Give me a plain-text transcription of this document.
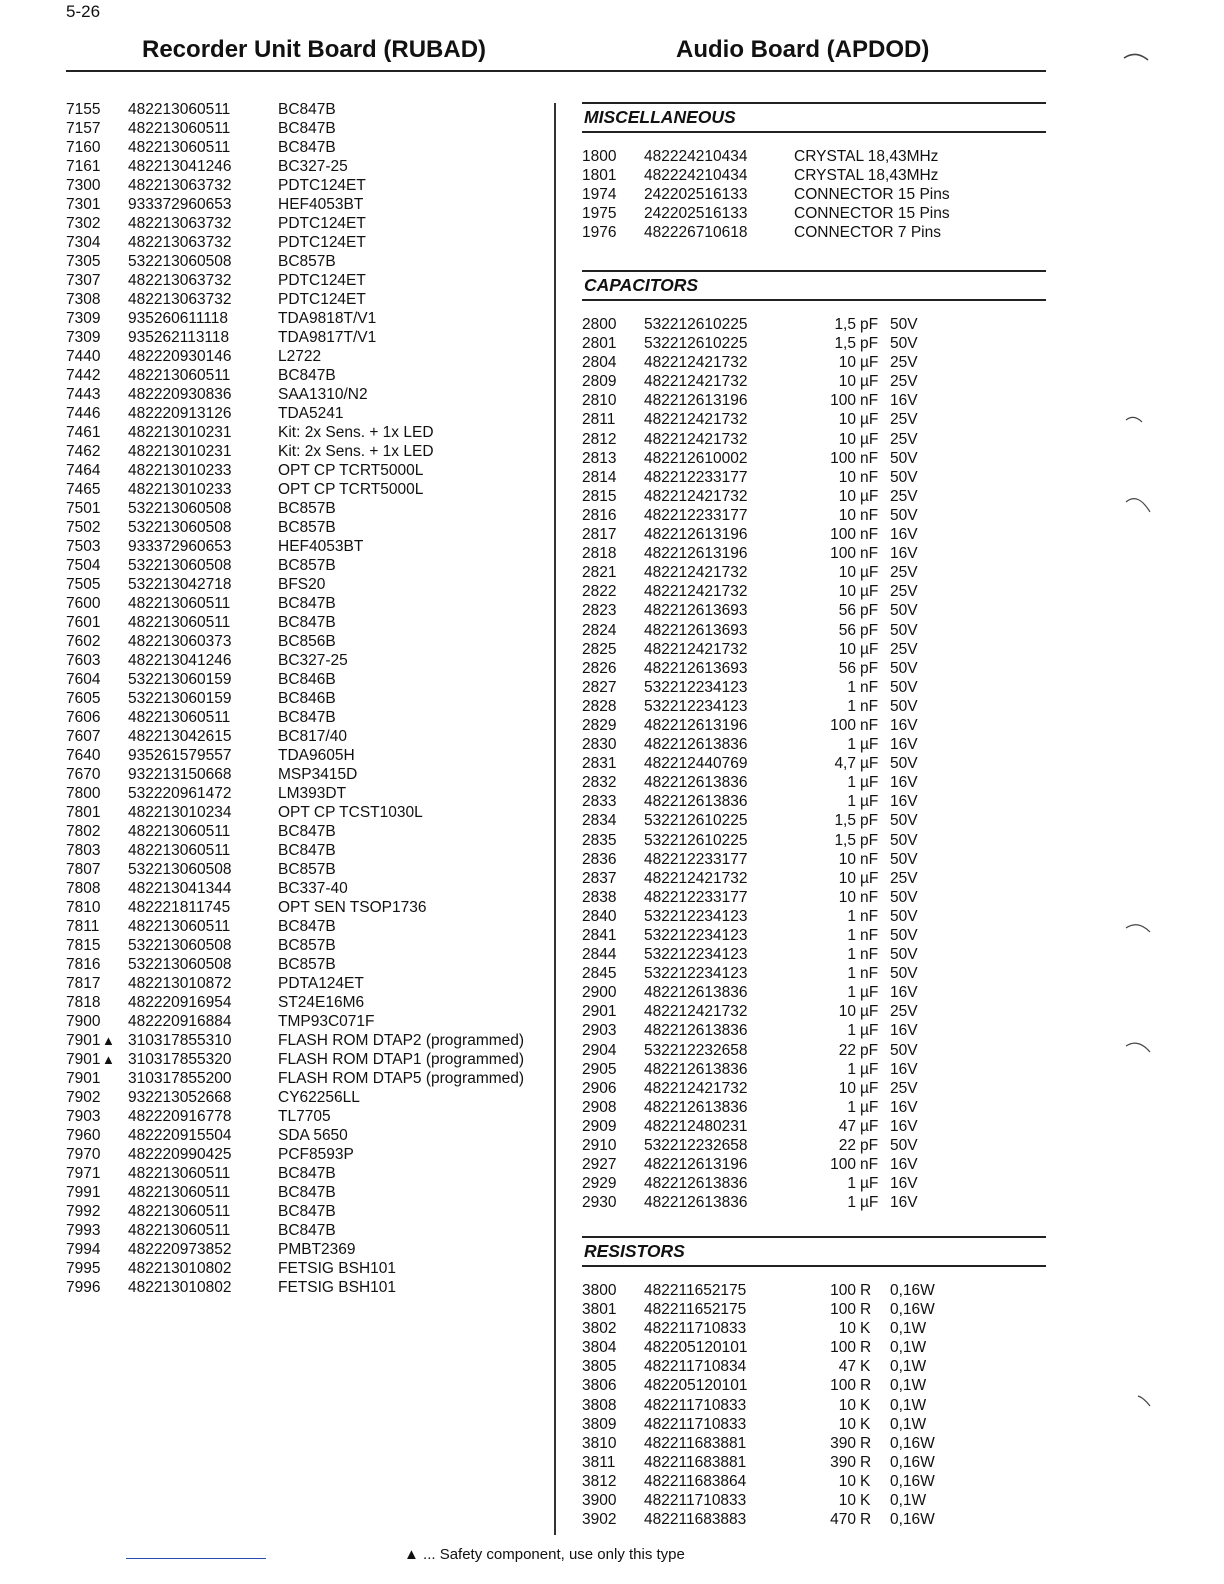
5-26
Recorder Unit Board (RUBAD)	Audio Board (APDOD)
7155	482213060511	BC847B
7157	482213060511	BC847B
7160	482213060511	BC847B
7161	482213041246	BC327-25
7300	482213063732	PDTC124ET
7301	933372960653	HEF4053BT
7302	482213063732	PDTC124ET
7304	482213063732	PDTC124ET
7305	532213060508	BC857B
7307	482213063732	PDTC124ET
7308	482213063732	PDTC124ET
7309	935260611118	TDA9818T/V1
7309	935262113118	TDA9817T/V1
7440	482220930146	L2722
7442	482213060511	BC847B
7443	482220930836	SAA1310/N2
7446	482220913126	TDA5241
7461	482213010231	Kit: 2x Sens. + 1x LED
7462	482213010231	Kit: 2x Sens. + 1x LED
7464	482213010233	OPT CP TCRT5000L
7465	482213010233	OPT CP TCRT5000L
7501	532213060508	BC857B
7502	532213060508	BC857B
7503	933372960653	HEF4053BT
7504	532213060508	BC857B
7505	532213042718	BFS20
7600	482213060511	BC847B
7601	482213060511	BC847B
7602	482213060373	BC856B
7603	482213041246	BC327-25
7604	532213060159	BC846B
7605	532213060159	BC846B
7606	482213060511	BC847B
7607	482213042615	BC817/40
7640	935261579557	TDA9605H
7670	932213150668	MSP3415D
7800	532220961472	LM393DT
7801	482213010234	OPT CP TCST1030L
7802	482213060511	BC847B
7803	482213060511	BC847B
7807	532213060508	BC857B
7808	482213041344	BC337-40
7810	482221811745	OPT SEN TSOP1736
7811	482213060511	BC847B
7815	532213060508	BC857B
7816	532213060508	BC857B
7817	482213010872	PDTA124ET
7818	482220916954	ST24E16M6
7900	482220916884	TMP93C071F
7901 ▲ 310317855310	FLASH ROM DTAP2 (programmed)
7901 ▲ 310317855320	FLASH ROM DTAP1 (programmed)
7901	310317855200	FLASH ROM DTAP5 (programmed)
7902	932213052668	CY62256LL
7903	482220916778	TL7705
7960	482220915504	SDA 5650
7970	482220990425	PCF8593P
7971	482213060511	BC847B
7991	482213060511	BC847B
7992	482213060511	BC847B
7993	482213060511	BC847B
7994	482220973852	PMBT2369
7995	482213010802	FETSIG BSH101
7996	482213010802	FETSIG BSH101
MISCELLANEOUS
1800	482224210434	CRYSTAL 18,43MHz
1801	482224210434	CRYSTAL 18,43MHz
1974	242202516133	CONNECTOR 15 Pins
1975	242202516133	CONNECTOR 15 Pins
1976	482226710618	CONNECTOR 7 Pins
CAPACITORS
2800	532212610225	1,5 pF 50V
2801	532212610225	1,5 pF 50V
2804	482212421732	10 µF 25V
2809	482212421732	10 µF 25V
2810	482212613196	100 nF 16V
2811	482212421732	10 µF 25V
2812	482212421732	10 µF 25V
2813	482212610002	100 nF 50V
2814	482212233177	10 nF 50V
2815	482212421732	10 µF 25V
2816	482212233177	10 nF 50V
2817	482212613196	100 nF 16V
2818	482212613196	100 nF 16V
2821	482212421732	10 µF 25V
2822	482212421732	10 µF 25V
2823	482212613693	56 pF 50V
2824	482212613693	56 pF 50V
2825	482212421732	10 µF 25V
2826	482212613693	56 pF 50V
2827	532212234123	1 nF 50V
2828	532212234123	1 nF 50V
2829	482212613196	100 nF 16V
2830	482212613836	1 µF 16V
2831	482212440769	4,7 µF 50V
2832	482212613836	1 µF 16V
2833	482212613836	1 µF 16V
2834	532212610225	1,5 pF 50V
2835	532212610225	1,5 pF 50V
2836	482212233177	10 nF 50V
2837	482212421732	10 µF 25V
2838	482212233177	10 nF 50V
2840	532212234123	1 nF 50V
2841	532212234123	1 nF 50V
2844	532212234123	1 nF 50V
2845	532212234123	1 nF 50V
2900	482212613836	1 µF 16V
2901	482212421732	10 µF 25V
2903	482212613836	1 µF 16V
2904	532212232658	22 pF 50V
2905	482212613836	1 µF 16V
2906	482212421732	10 µF 25V
2908	482212613836	1 µF 16V
2909	482212480231	47 µF 16V
2910	532212232658	22 pF 50V
2927	482212613196	100 nF 16V
2929	482212613836	1 µF 16V
2930	482212613836	1 µF 16V
RESISTORS
3800	482211652175	100 R	0,16W
3801	482211652175	100 R	0,16W
3802	482211710833	10 K	0,1W
3804	482205120101	100 R	0,1W
3805	482211710834	47 K	0,1W
3806	482205120101	100 R	0,1W
3808	482211710833	10 K	0,1W
3809	482211710833	10 K	0,1W
3810	482211683881	390 R	0,16W
3811	482211683881	390 R	0,16W
3812	482211683864	10 K	0,16W
3900	482211710833	10 K	0,1W
3902	482211683883	470 R	0,16W
▲ ... Safety component, use only this type
